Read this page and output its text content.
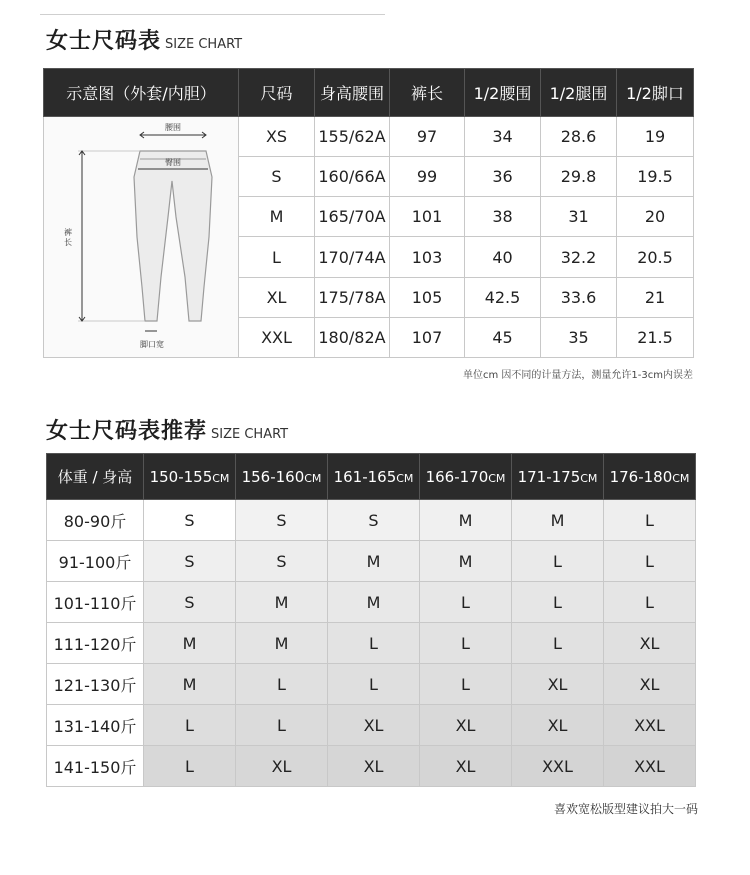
女士尺码表 SIZE CHART
示意图（外套/内胆）	尺码	身高腰围	裤长	1/2腰围	1/2腿围	1/2脚口

腰围
臀围
裤长
脚口宽	XS	155/62A	97	34	28.6	19
	S	160/66A	99	36	29.8	19.5
	M	165/70A	101	38	31	20
	L	170/74A	103	40	32.2	20.5
	XL	175/78A	105	42.5	33.6	21
	XXL	180/82A	107	45	35	21.5
单位cm 因不同的计量方法，测量允许1-3cm内误差
女士尺码表推荐 SIZE CHART
体重 / 身高	150-155CM	156-160CM	161-165CM	166-170CM	171-175CM	176-180CM
80-90斤	S	S	S	M	M	L
91-100斤	S	S	M	M	L	L
101-110斤	S	M	M	L	L	L
111-120斤	M	M	L	L	L	XL
121-130斤	M	L	L	L	XL	XL
131-140斤	L	L	XL	XL	XL	XXL
141-150斤	L	XL	XL	XL	XXL	XXL
喜欢宽松版型建议拍大一码
